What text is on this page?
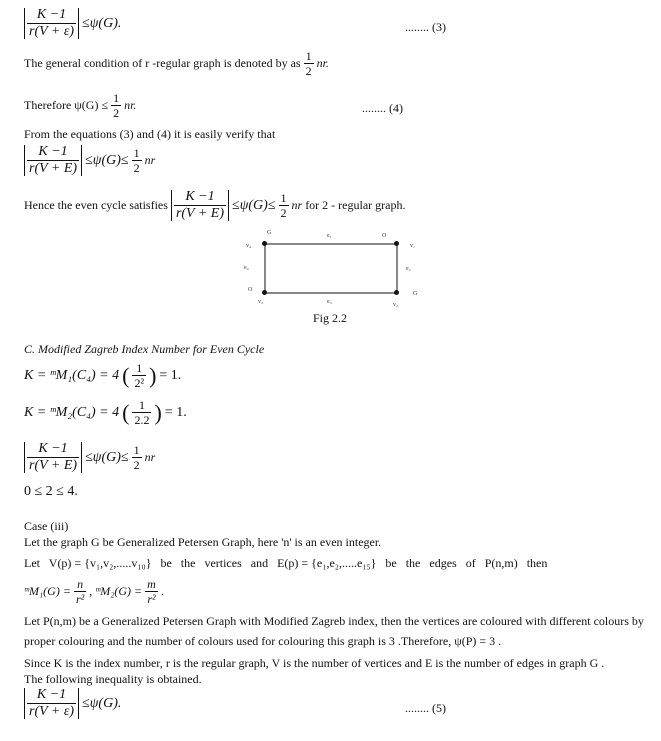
$\frac{K -1}{r(V + \varepsilon)} \le\psi(G)$.	........ (3)
The general condition of r -regular graph is denoted by as $\frac{1}{2}$ nr.
Therefore $\psi(G) \le \frac{1}{2}$ nr.	........ (4)
From the equations (3) and (4) it is easily verify that
$\frac{K -1}{r(V + E)} \le\psi(G)\le \frac{1}{2}$ nr
Hence the even cycle satisfies $\frac{K -1}{r(V + E)} \le\psi(G)\le \frac{1}{2}$ nr for 2 - regular graph.
G	e₁	O
v₄	v₁
e₄	e₂
O
G
v₃	e₃	v₂
Fig 2.2
C. Modified Zagreb Index Number for Even Cycle
K = ᵐM₁(C₄) = 4 ( $\frac{1}{\text{2²}}$ ) = 1.
K = ᵐM₂(C₄) = 4 ( $\frac{1}{2.2}$ ) = 1.
$\frac{K -1}{r(V + E)} \le\psi(G)\le \frac{1}{2}$ nr
0 ≤ 2 ≤ 4.
Case (iii)
Let the graph G be Generalized Petersen Graph, here 'n' is an even integer.
Let   V(p) = {v₁,v₂,.....v₁₀}   be   the   vertices   and   E(p) = {e₁,e₂,.....e₁₅}   be   the   edges   of   P(n,m)   then
ᵐM₁(G) = $\frac{n}{\text{r²}}$ , ᵐM₂(G) = $\frac{m}{\text{r²}}$ .
Let P(n,m) be a Generalized Petersen Graph with Modified Zagreb index, then the vertices are coloured with different colours by
proper colouring and the number of colours used for colouring this graph is 3 .Therefore, ψ(P) = 3 .
Since K is the index number, r is the regular graph, V is the number of vertices and E is the number of edges in graph G .
The following inequality is obtained.
$\frac{K -1}{r(V + \varepsilon)} \le\psi(G)$.	........ (5)
